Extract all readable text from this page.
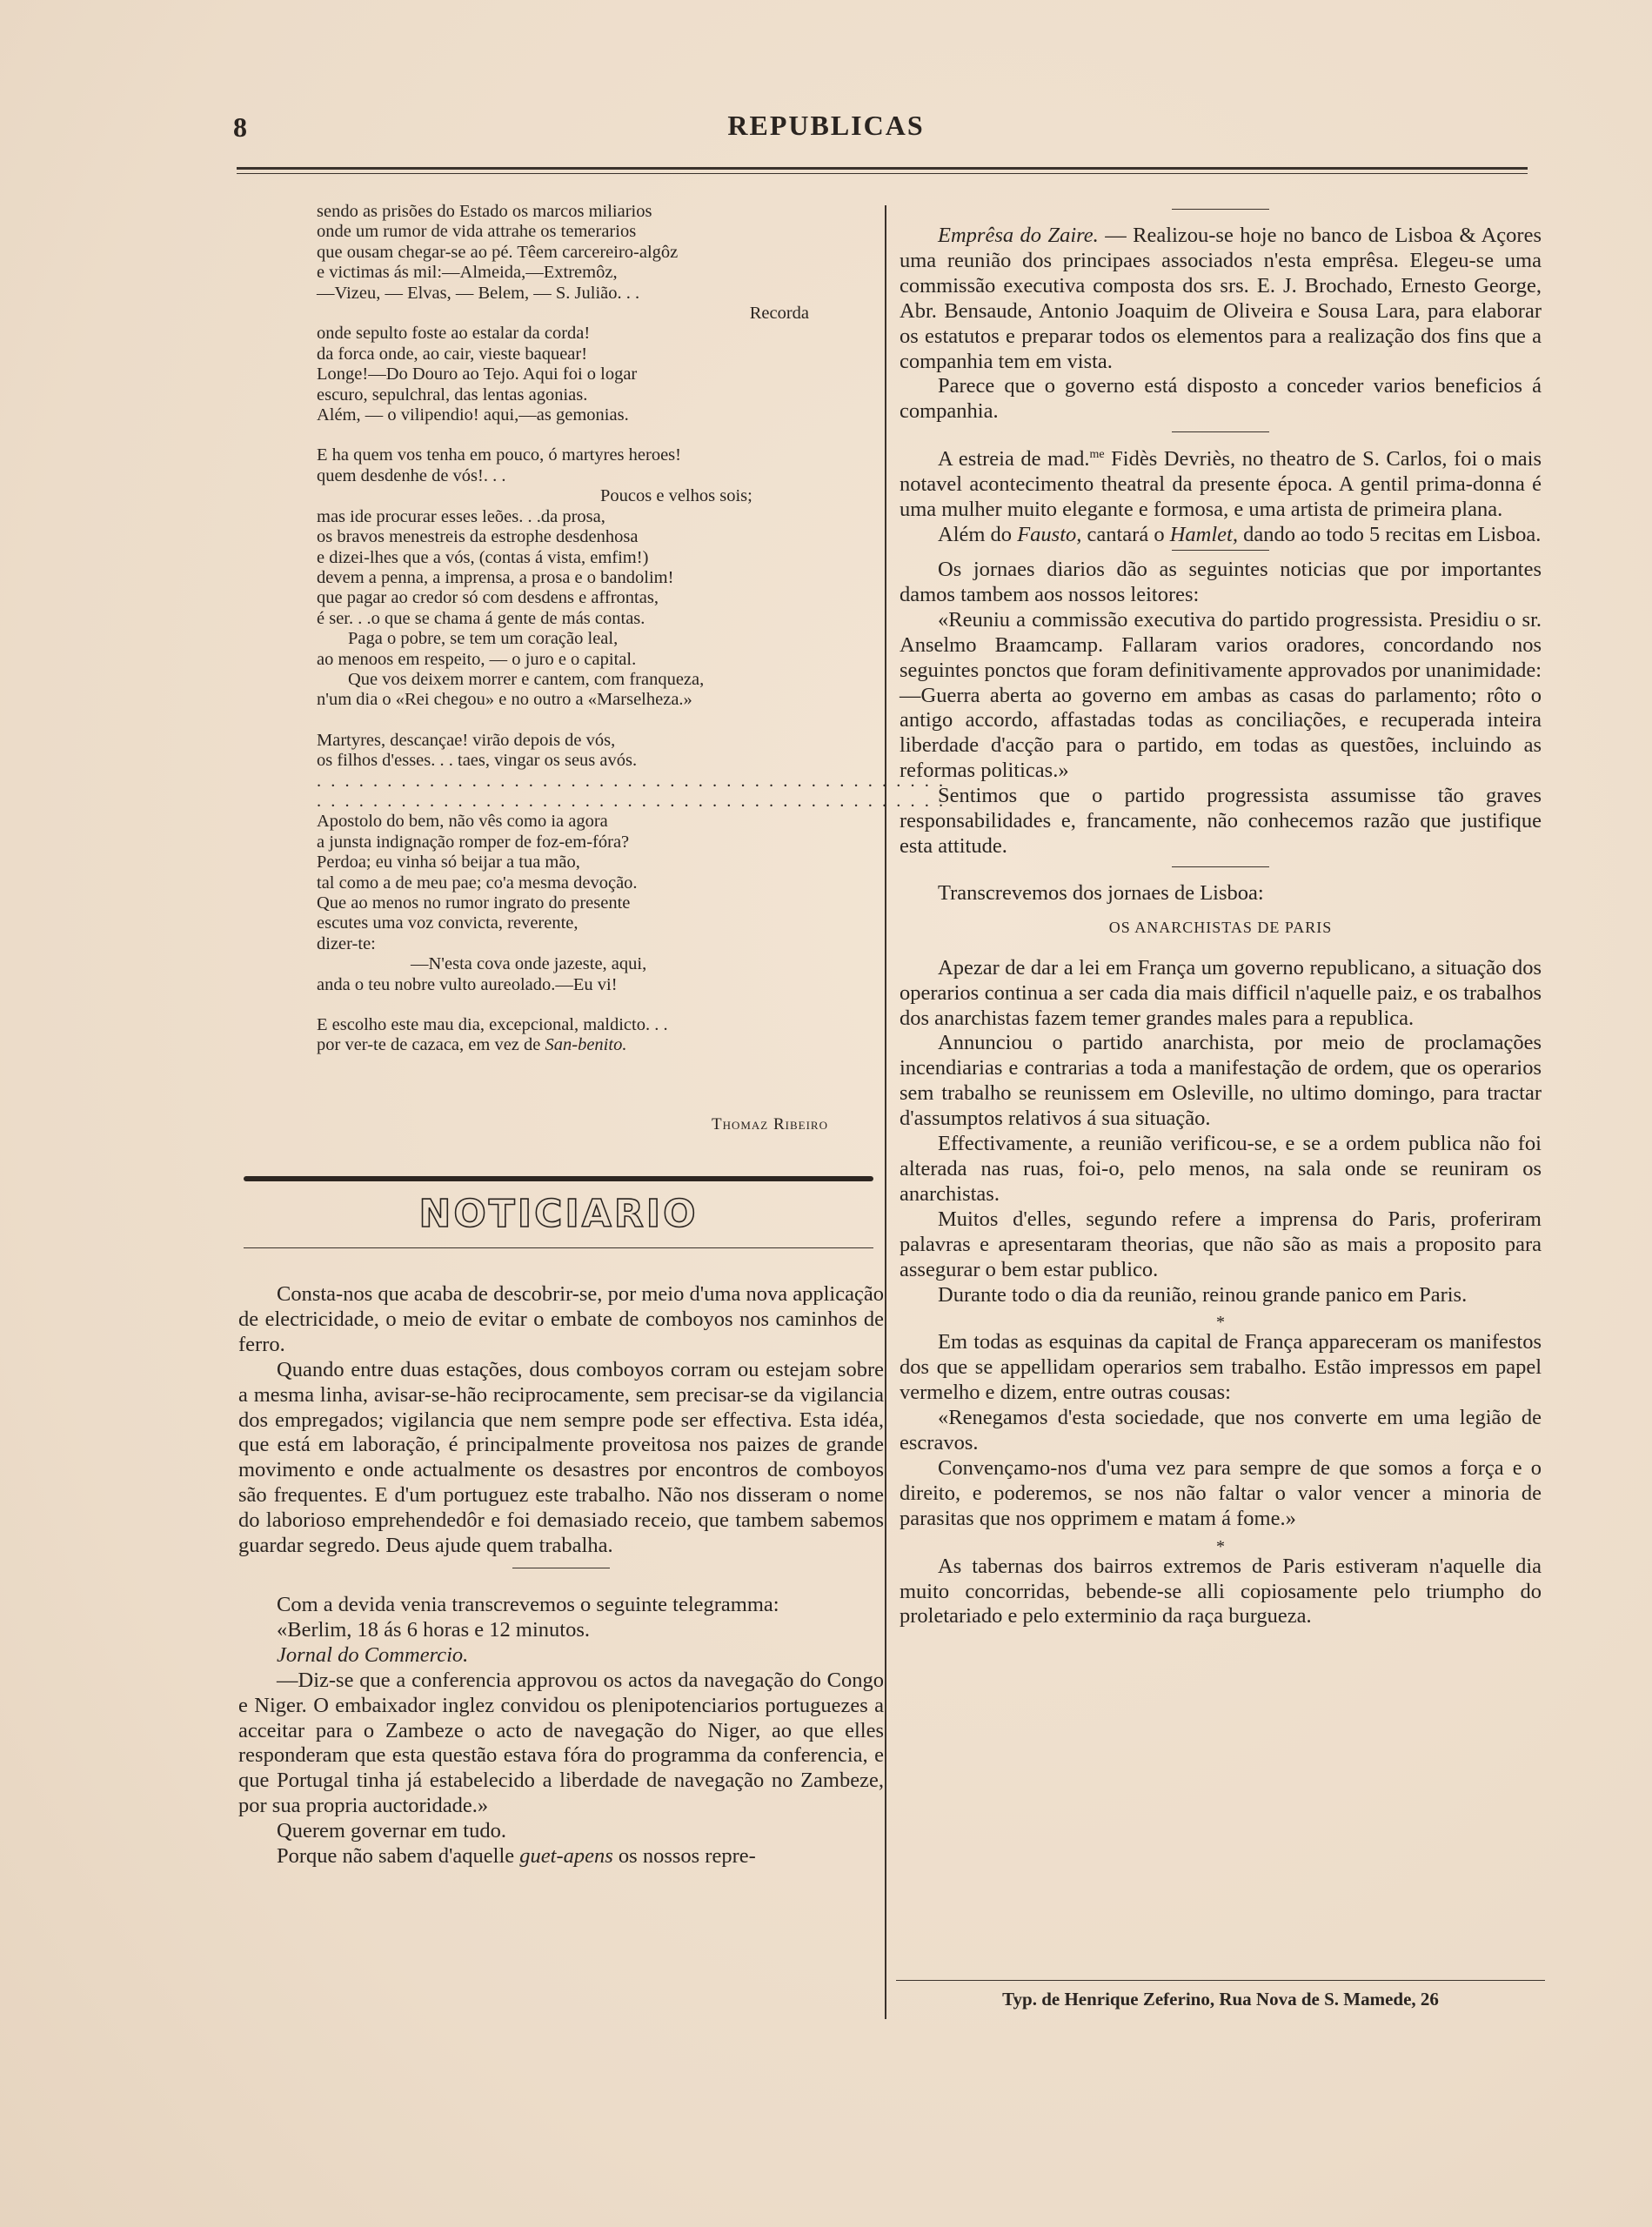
8	REPUBLICAS
sendo as prisões do Estado os marcos miliarios
onde um rumor de vida attrahe os temerarios
que ousam chegar-se ao pé. Têem carcereiro-algôz
e victimas ás mil:—Almeida,—Extremôz,
—Vizeu, — Elvas, — Belem, — S. Julião. . .
Recorda
onde sepulto foste ao estalar da corda!
da forca onde, ao cair, vieste baquear!
Longe!—Do Douro ao Tejo. Aqui foi o logar
escuro, sepulchral, das lentas agonias.
Além, — o vilipendio! aqui,—as gemonias.
E ha quem vos tenha em pouco, ó martyres heroes!
quem desdenhe de vós!. . .
Poucos e velhos sois;
mas ide procurar esses leões. . .da prosa,
os bravos menestreis da estrophe desdenhosa
e dizei-lhes que a vós, (contas á vista, emfim!)
devem a penna, a imprensa, a prosa e o bandolim!
que pagar ao credor só com desdens e affrontas,
é ser. . .o que se chama á gente de más contas.
Paga o pobre, se tem um coração leal,
ao menoos em respeito, — o juro e o capital.
Que vos deixem morrer e cantem, com franqueza,
n'um dia o «Rei chegou» e no outro a «Marselheza.»
Martyres, descançae! virão depois de vós,
os filhos d'esses. . . taes, vingar os seus avós.
. . . . . . . . . . . . . . . . . . . . . . . . . . . . . . . . . . . . . . . . . . . . .
. . . . . . . . . . . . . . . . . . . . . . . . . . . . . . . . . . . . . . . . . . . . .
Apostolo do bem, não vês como ia agora
a junsta indignação romper de foz-em-fóra?
Perdoa; eu vinha só beijar a tua mão,
tal como a de meu pae; co'a mesma devoção.
Que ao menos no rumor ingrato do presente
escutes uma voz convicta, reverente,
dizer-te:
—N'esta cova onde jazeste, aqui,
anda o teu nobre vulto aureolado.—Eu vi!
E escolho este mau dia, excepcional, maldicto. . .
por ver-te de cazaca, em vez de San-benito.
Thomaz Ribeiro
NOTICIARIO

Consta-nos que acaba de descobrir-se, por meio d'uma nova applicação de electricidade, o meio de evitar o embate de comboyos nos caminhos de ferro.

Quando entre duas estações, dous comboyos corram ou estejam sobre a mesma linha, avisar-se-hão reciprocamente, sem precisar-se da vigilancia dos empregados; vigilancia que nem sempre pode ser effectiva. Esta idéa, que está em laboração, é principalmente proveitosa nos paizes de grande movimento e onde actualmente os desastres por encontros de comboyos são frequentes. E d'um portuguez este trabalho. Não nos disseram o nome do laborioso emprehendedôr e foi demasiado receio, que tambem sabemos guardar segredo. Deus ajude quem trabalha.

Com a devida venia transcrevemos o seguinte telegramma:

«Berlim, 18 ás 6 horas e 12 minutos.

Jornal do Commercio.

—Diz-se que a conferencia approvou os actos da navegação do Congo e Niger. O embaixador inglez convidou os plenipotenciarios portuguezes a acceitar para o Zambeze o acto de navegação do Niger, ao que elles responderam que esta questão estava fóra do programma da conferencia, e que Portugal tinha já estabelecido a liberdade de navegação no Zambeze, por sua propria auctoridade.»

Querem governar em tudo.

Porque não sabem d'aquelle guet-apens os nossos repre-

Emprêsa do Zaire. — Realizou-se hoje no banco de Lisboa & Açores uma reunião dos principaes associados n'esta emprêsa. Elegeu-se uma commissão executiva composta dos srs. E. J. Brochado, Ernesto George, Abr. Bensaude, Antonio Joaquim de Oliveira e Sousa Lara, para elaborar os estatutos e preparar todos os elementos para a realização dos fins que a companhia tem em vista.

Parece que o governo está disposto a conceder varios beneficios á companhia.

A estreia de mad.$^{me}$ Fidès Devriès, no theatro de S. Carlos, foi o mais notavel acontecimento theatral da presente época. A gentil prima-donna é uma mulher muito elegante e formosa, e uma artista de primeira plana.

Além do Fausto, cantará o Hamlet, dando ao todo 5 recitas em Lisboa.

Os jornaes diarios dão as seguintes noticias que por importantes damos tambem aos nossos leitores:

«Reuniu a commissão executiva do partido progressista. Presidiu o sr. Anselmo Braamcamp. Fallaram varios oradores, concordando nos seguintes ponctos que foram definitivamente approvados por unanimidade:—Guerra aberta ao governo em ambas as casas do parlamento; rôto o antigo accordo, affastadas todas as conciliações, e recuperada inteira liberdade d'acção para o partido, em todas as questões, incluindo as reformas politicas.»

Sentimos que o partido progressista assumisse tão graves responsabilidades e, francamente, não conhecemos razão que justifique esta attitude.

Transcrevemos dos jornaes de Lisboa:

OS ANARCHISTAS DE PARIS

Apezar de dar a lei em França um governo republicano, a situação dos operarios continua a ser cada dia mais difficil n'aquelle paiz, e os trabalhos dos anarchistas fazem temer grandes males para a republica.

Annunciou o partido anarchista, por meio de proclamações incendiarias e contrarias a toda a manifestação de ordem, que os operarios sem trabalho se reunissem em Osleville, no ultimo domingo, para tractar d'assumptos relativos á sua situação.

Effectivamente, a reunião verificou-se, e se a ordem publica não foi alterada nas ruas, foi-o, pelo menos, na sala onde se reuniram os anarchistas.

Muitos d'elles, segundo refere a imprensa do Paris, proferiram palavras e apresentaram theorias, que não são as mais a proposito para assegurar o bem estar publico.

Durante todo o dia da reunião, reinou grande panico em Paris.

*

Em todas as esquinas da capital de França appareceram os manifestos dos que se appellidam operarios sem trabalho. Estão impressos em papel vermelho e dizem, entre outras cousas:

«Renegamos d'esta sociedade, que nos converte em uma legião de escravos.

Convençamo-nos d'uma vez para sempre de que somos a força e o direito, e poderemos, se nos não faltar o valor vencer a minoria de parasitas que nos opprimem e matam á fome.»

*

As tabernas dos bairros extremos de Paris estiveram n'aquelle dia muito concorridas, bebende-se alli copiosamente pelo triumpho do proletariado e pelo exterminio da raça burgueza.

Typ. de Henrique Zeferino, Rua Nova de S. Mamede, 26
